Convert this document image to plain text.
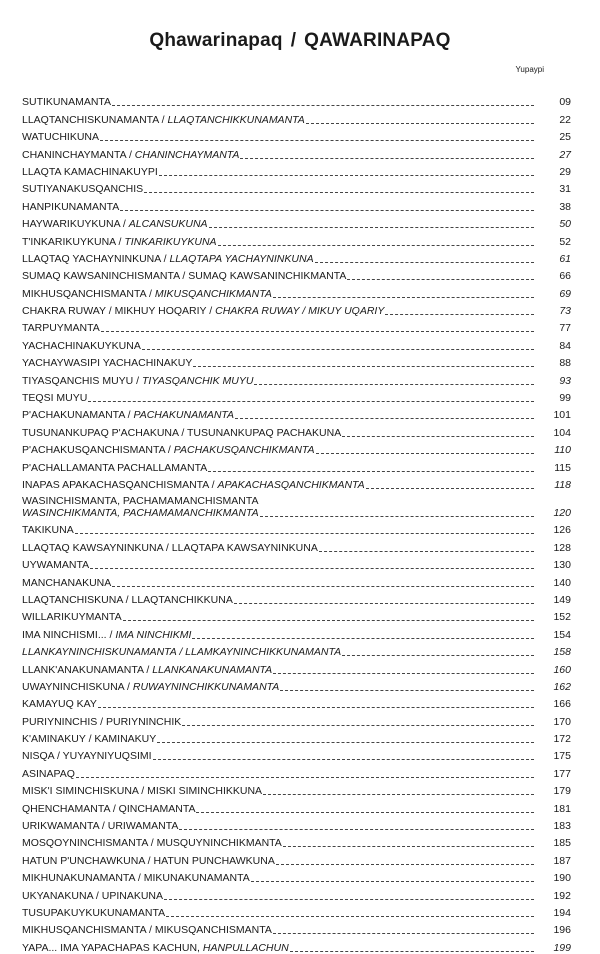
Qhawarinapaq / QAWARINAPAQ
Yupaypi
SUTIKUNAMANTA	09
LLAQTANCHISKUNAMANTA / LLAQTANCHIKKUNAMANTA	22
WATUCHIKUNA	25
CHANINCHAYMANTA / CHANINCHAYMANTA	27
LLAQTA KAMACHINAKUYPI	29
SUTIYANAKUSQANCHIS	31
HANPIKUNAMANTA	38
HAYWARIKUYKUNA / ALCANSUKUNA	50
T'INKARIKUYKUNA / TINKARIKUYKUNA	52
LLAQTAQ YACHAYNINKUNA / LLAQTAPA YACHAYNINKUNA	61
SUMAQ KAWSANINCHISMANTA / SUMAQ KAWSANINCHIKMANTA	66
MIKHUSQANCHISMANTA / MIKUSQANCHIKMANTA	69
CHAKRA RUWAY / MIKHUY HOQARIY / CHAKRA RUWAY / MIKUY UQARIY	73
TARPUYMANTA	77
YACHACHINAKUYKUNA	84
YACHAYWASIPI YACHACHINAKUY	88
TIYASQANCHIS MUYU / TIYASQANCHIK MUYU	93
TEQSI MUYU	99
P'ACHAKUNAMANTA / PACHAKUNAMANTA	101
TUSUNANKUPAQ P'ACHAKUNA / TUSUNANKUPAQ PACHAKUNA	104
P'ACHAKUSQANCHISMANTA / PACHAKUSQANCHIKMANTA	110
P'ACHALLAMANTA PACHALLAMANTA	115
INAPAS APAKACHASQANCHISMANTA / APAKACHASQANCHIKMANTA	118
WASINCHISMANTA, PACHAMAMANCHISMANTA
WASINCHIKMANTA, PACHAMAMANCHIKMANTA	120
TAKIKUNA	126
LLAQTAQ KAWSAYNINKUNA / LLAQTAPA KAWSAYNINKUNA	128
UYWAMANTA	130
MANCHANAKUNA	140
LLAQTANCHISKUNA / LLAQTANCHIKKUNA	149
WILLARIKUYMANTA	152
IMA NINCHISMI... / IMA NINCHIKMI	154
LLANKAYNINCHISKUNAMANTA / LLAMKAYNINCHIKKUNAMANTA	158
LLANK'ANAKUNAMANTA / LLANKANAKUNAMANTA	160
UWAYNINCHISKUNA / RUWAYNINCHIKKUNAMANTA	162
KAMAYUQ KAY	166
PURIYNINCHIS / PURIYNINCHIK	170
K'AMINAKUY / KAMINAKUY	172
NISQA / YUYAYNIYUQSIMI	175
ASINAPAQ	177
MISK'I SIMINCHISKUNA / MISKI SIMINCHIKKUNA	179
QHENCHAMANTA / QINCHAMANTA	181
URIKWAMANTA / URIWAMANTA	183
MOSQOYNINCHISMANTA / MUSQUYNINCHIKMANTA	185
HATUN P'UNCHAWKUNA / HATUN PUNCHAWKUNA	187
MIKHUNAKUNAMANTA / MIKUNAKUNAMANTA	190
UKYANAKUNA / UPINAKUNA	192
TUSUPAKUYKUKUNAMANTA	194
MIKHUSQANCHISMANTA / MIKUSQANCHISMANTA	196
YAPA... IMA YAPACHAPAS KACHUN, HANPULLACHUN	199
